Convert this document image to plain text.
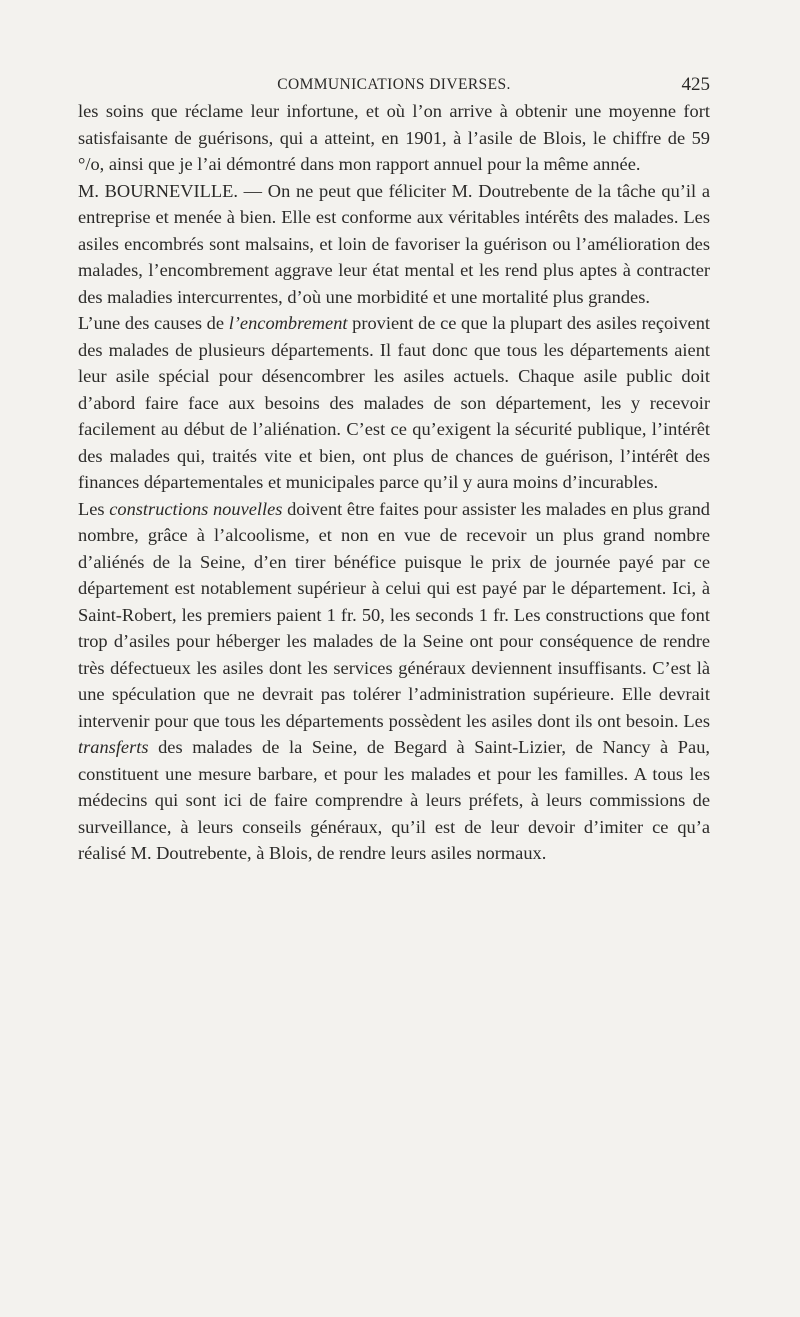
COMMUNICATIONS DIVERSES.	425

les soins que réclame leur infortune, et où l’on arrive à obtenir une moyenne fort satisfaisante de guérisons, qui a atteint, en 1901, à l’asile de Blois, le chiffre de 59 °/o, ainsi que je l’ai démontré dans mon rapport annuel pour la même année.

M. BOURNEVILLE. — On ne peut que féliciter M. Doutrebente de la tâche qu’il a entreprise et menée à bien. Elle est conforme aux véritables intérêts des malades. Les asiles encombrés sont malsains, et loin de favoriser la guérison ou l’amélioration des malades, l’encombrement aggrave leur état mental et les rend plus aptes à contracter des maladies intercurrentes, d’où une morbidité et une mortalité plus grandes.

L’une des causes de l’encombrement provient de ce que la plupart des asiles reçoivent des malades de plusieurs départements. Il faut donc que tous les départements aient leur asile spécial pour désencombrer les asiles actuels. Chaque asile public doit d’abord faire face aux besoins des malades de son département, les y recevoir facilement au début de l’aliénation. C’est ce qu’exigent la sécurité publique, l’intérêt des malades qui, traités vite et bien, ont plus de chances de guérison, l’intérêt des finances départementales et municipales parce qu’il y aura moins d’incurables.

Les constructions nouvelles doivent être faites pour assister les malades en plus grand nombre, grâce à l’alcoolisme, et non en vue de recevoir un plus grand nombre d’aliénés de la Seine, d’en tirer bénéfice puisque le prix de journée payé par ce département est notablement supérieur à celui qui est payé par le département. Ici, à Saint-Robert, les premiers paient 1 fr. 50, les seconds 1 fr. Les constructions que font trop d’asiles pour héberger les malades de la Seine ont pour conséquence de rendre très défectueux les asiles dont les services généraux deviennent insuffisants. C’est là une spéculation que ne devrait pas tolérer l’administration supérieure. Elle devrait intervenir pour que tous les départements possèdent les asiles dont ils ont besoin. Les transferts des malades de la Seine, de Begard à Saint-Lizier, de Nancy à Pau, constituent une mesure barbare, et pour les malades et pour les familles. A tous les médecins qui sont ici de faire comprendre à leurs préfets, à leurs commissions de surveillance, à leurs conseils généraux, qu’il est de leur devoir d’imiter ce qu’a réalisé M. Doutrebente, à Blois, de rendre leurs asiles normaux.
